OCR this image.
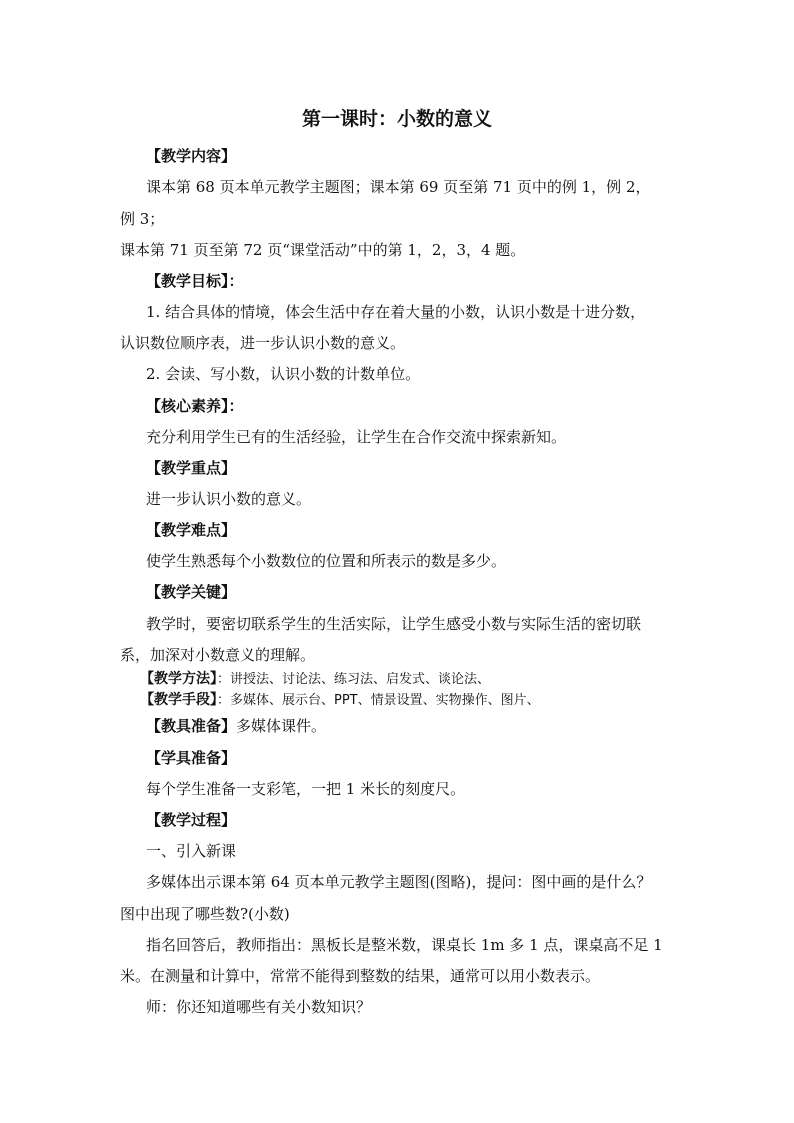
第一课时：小数的意义
【教学内容】
课本第 68 页本单元教学主题图；课本第 69 页至第 71 页中的例 1，例 2，
例 3；
课本第 71 页至第 72 页“课堂活动”中的第 1，2，3，4 题。
【教学目标】：
1. 结合具体的情境，体会生活中存在着大量的小数，认识小数是十进分数，
认识数位顺序表，进一步认识小数的意义。
2. 会读、写小数，认识小数的计数单位。
【核心素养】：
充分利用学生已有的生活经验，让学生在合作交流中探索新知。
【教学重点】
进一步认识小数的意义。
【教学难点】
使学生熟悉每个小数数位的位置和所表示的数是多少。
【教学关键】
教学时，要密切联系学生的生活实际，让学生感受小数与实际生活的密切联
系，加深对小数意义的理解。
【教学方法】：讲授法、讨论法、练习法、启发式、谈论法、
【教学手段】：多媒体、展示台、PPT、情景设置、实物操作、图片、
【教具准备】多媒体课件。
【学具准备】
每个学生准备一支彩笔，一把 1 米长的刻度尺。
【教学过程】
一、引入新课
多媒体出示课本第 64 页本单元教学主题图(图略)，提问：图中画的是什么？
图中出现了哪些数?(小数)
指名回答后，教师指出：黑板长是整米数，课桌长 1m 多 1 点，课桌高不足 1
米。在测量和计算中，常常不能得到整数的结果，通常可以用小数表示。
师：你还知道哪些有关小数知识？
